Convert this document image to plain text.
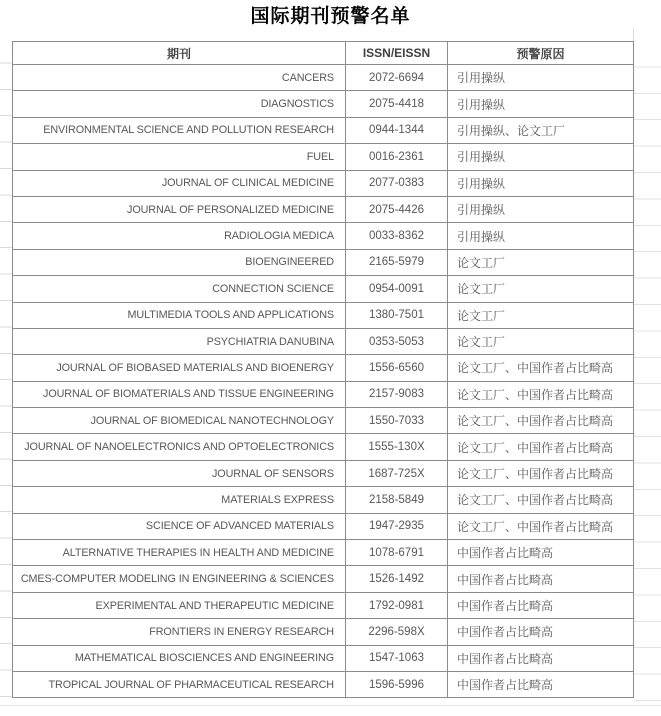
国际期刊预警名单
期刊	ISSN/EISSN	预警原因
CANCERS	2072-6694	引用操纵
DIAGNOSTICS	2075-4418	引用操纵
ENVIRONMENTAL SCIENCE AND POLLUTION RESEARCH	0944-1344	引用操纵、论文工厂
FUEL	0016-2361	引用操纵
JOURNAL OF CLINICAL MEDICINE	2077-0383	引用操纵
JOURNAL OF PERSONALIZED MEDICINE	2075-4426	引用操纵
RADIOLOGIA MEDICA	0033-8362	引用操纵
BIOENGINEERED	2165-5979	论文工厂
CONNECTION SCIENCE	0954-0091	论文工厂
MULTIMEDIA TOOLS AND APPLICATIONS	1380-7501	论文工厂
PSYCHIATRIA DANUBINA	0353-5053	论文工厂
JOURNAL OF BIOBASED MATERIALS AND BIOENERGY	1556-6560	论文工厂、中国作者占比畸高
JOURNAL OF BIOMATERIALS AND TISSUE ENGINEERING	2157-9083	论文工厂、中国作者占比畸高
JOURNAL OF BIOMEDICAL NANOTECHNOLOGY	1550-7033	论文工厂、中国作者占比畸高
JOURNAL OF NANOELECTRONICS AND OPTOELECTRONICS	1555-130X	论文工厂、中国作者占比畸高
JOURNAL OF SENSORS	1687-725X	论文工厂、中国作者占比畸高
MATERIALS EXPRESS	2158-5849	论文工厂、中国作者占比畸高
SCIENCE OF ADVANCED MATERIALS	1947-2935	论文工厂、中国作者占比畸高
ALTERNATIVE THERAPIES IN HEALTH AND MEDICINE	1078-6791	中国作者占比畸高
CMES-COMPUTER MODELING IN ENGINEERING & SCIENCES	1526-1492	中国作者占比畸高
EXPERIMENTAL AND THERAPEUTIC MEDICINE	1792-0981	中国作者占比畸高
FRONTIERS IN ENERGY RESEARCH	2296-598X	中国作者占比畸高
MATHEMATICAL BIOSCIENCES AND ENGINEERING	1547-1063	中国作者占比畸高
TROPICAL JOURNAL OF PHARMACEUTICAL RESEARCH	1596-5996	中国作者占比畸高
